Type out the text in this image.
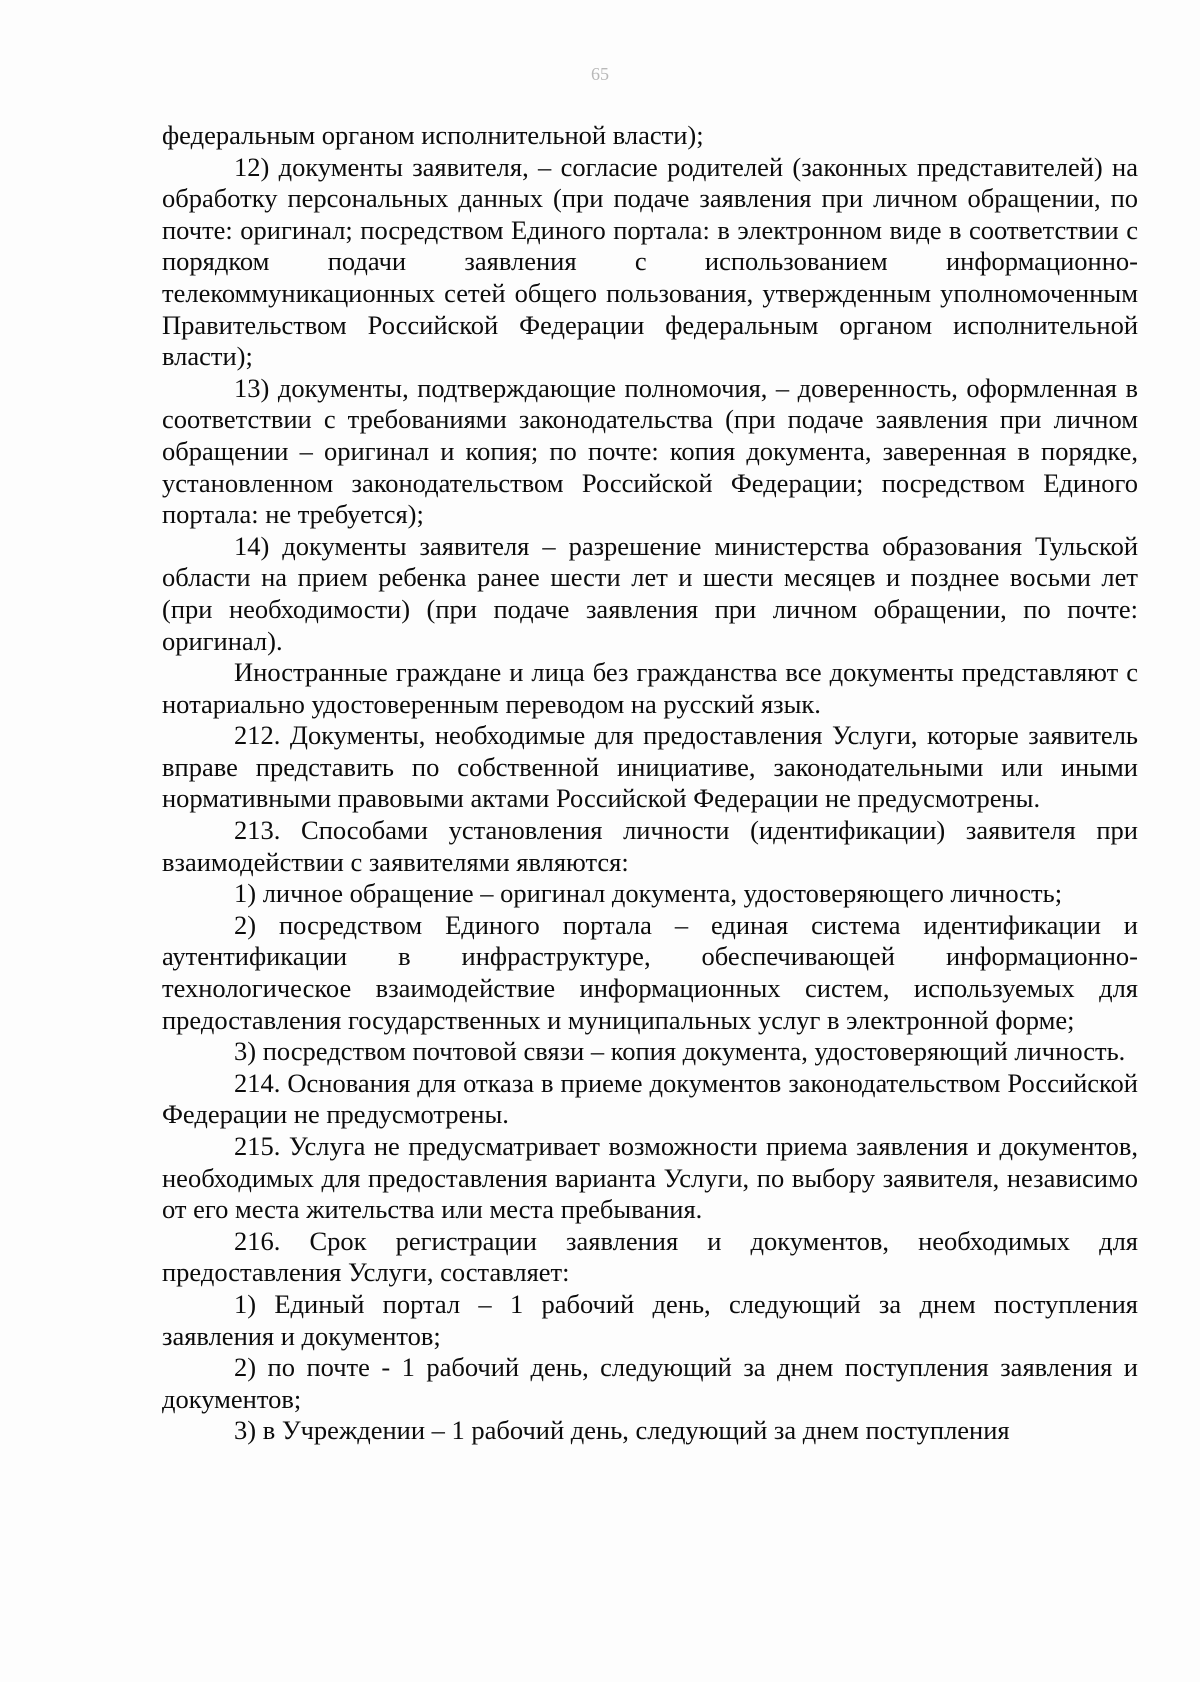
65

федеральным органом исполнительной власти);

12) документы заявителя, – согласие родителей (законных представителей) на обработку персональных данных (при подаче заявления при личном обращении, по почте: оригинал; посредством Единого портала: в электронном виде в соответствии с порядком подачи заявления с использованием информационно-телекоммуникационных сетей общего пользования, утвержденным уполномоченным Правительством Российской Федерации федеральным органом исполнительной власти);

13) документы, подтверждающие полномочия, – доверенность, оформленная в соответствии с требованиями законодательства (при подаче заявления при личном обращении – оригинал и копия; по почте: копия документа, заверенная в порядке, установленном законодательством Российской Федерации; посредством Единого портала: не требуется);

14) документы заявителя – разрешение министерства образования Тульской области на прием ребенка ранее шести лет и шести месяцев и позднее восьми лет (при необходимости) (при подаче заявления при личном обращении, по почте: оригинал).

Иностранные граждане и лица без гражданства все документы представляют с нотариально удостоверенным переводом на русский язык.

212. Документы, необходимые для предоставления Услуги, которые заявитель вправе представить по собственной инициативе, законодательными или иными нормативными правовыми актами Российской Федерации не предусмотрены.

213. Способами установления личности (идентификации) заявителя при взаимодействии с заявителями являются:

1) личное обращение – оригинал документа, удостоверяющего личность;

2) посредством Единого портала – единая система идентификации и аутентификации в инфраструктуре, обеспечивающей информационно-технологическое взаимодействие информационных систем, используемых для предоставления государственных и муниципальных услуг в электронной форме;

3) посредством почтовой связи – копия документа, удостоверяющий личность.

214. Основания для отказа в приеме документов законодательством Российской Федерации не предусмотрены.

215. Услуга не предусматривает возможности приема заявления и документов, необходимых для предоставления варианта Услуги, по выбору заявителя, независимо от его места жительства или места пребывания.

216. Срок регистрации заявления и документов, необходимых для предоставления Услуги, составляет:

1) Единый портал – 1 рабочий день, следующий за днем поступления заявления и документов;

2) по почте - 1 рабочий день, следующий за днем поступления заявления и документов;

3) в Учреждении – 1 рабочий день, следующий за днем поступления
